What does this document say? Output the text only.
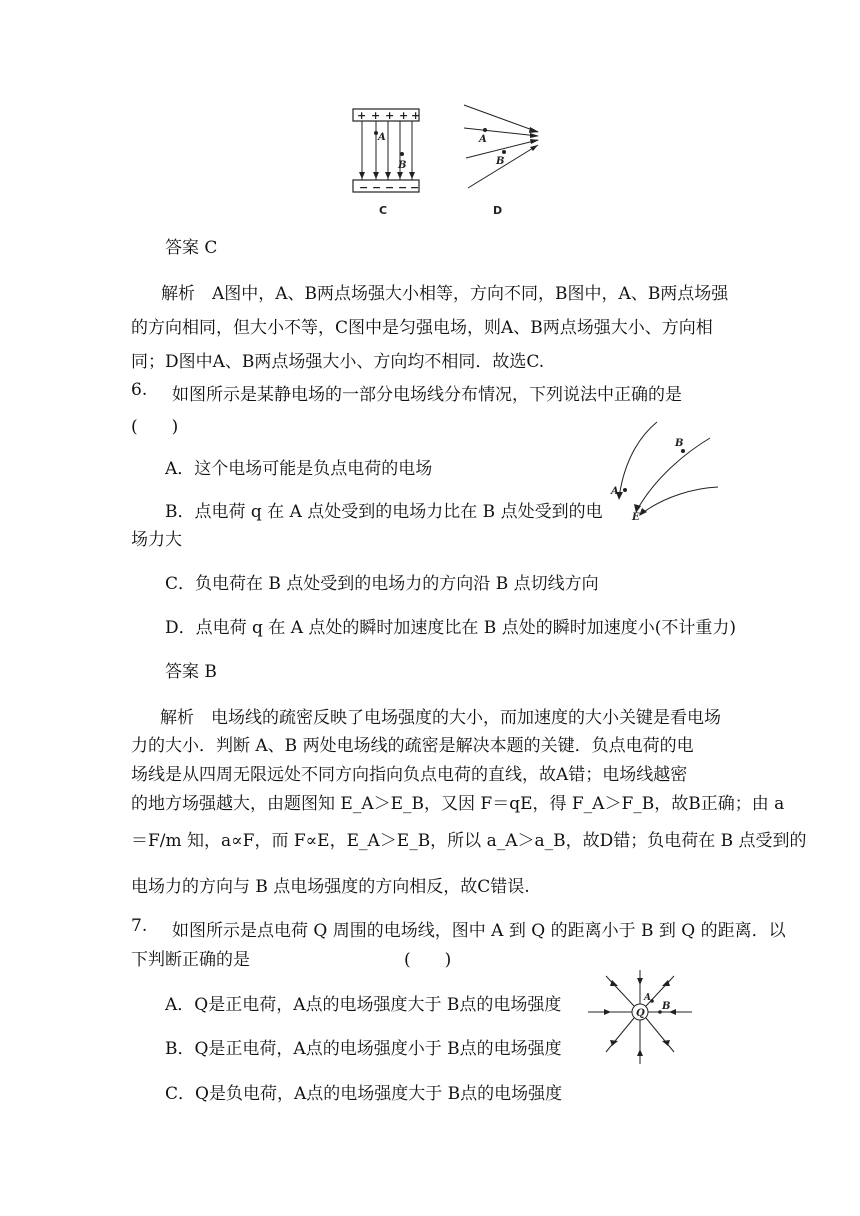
+ + + + +
− − − − −
A
B
C
A
B
D

答案 C

解析　 A图中，A、B两点场强大小相等，方向不同，B图中，A、B两点场强的方向相同，但大小不等，C图中是匀强电场，则A、B两点场强大小、方向相同；D图中A、B两点场强大小、方向均不相同．故选C.

6. 如图所示是某静电场的一部分电场线分布情况，下列说法中正确的是

(　　)

A
B
E

A．这个电场可能是负点电荷的电场

B．点电荷 q 在 A 点处受到的电场力比在 B 点处受到的电

场力大

C．负电荷在 B 点处受到的电场力的方向沿 B 点切线方向

D．点电荷 q 在 A 点处的瞬时加速度比在 B 点处的瞬时加速度小(不计重力)

答案 B

解析　 电场线的疏密反映了电场强度的大小，而加速度的大小关键是看电场

力的大小．判断 A、B 两处电场线的疏密是解决本题的关键．负点电荷的电

场线是从四周无限远处不同方向指向负点电荷的直线，故A错；电场线越密

的地方场强越大，由题图知 E_A＞E_B，又因 F＝qE，得 F_A＞F_B，故B正确；由 a

＝F/m 知，a∝F，而 F∝E，E_A＞E_B，所以 a_A＞a_B，故D错；负电荷在 B 点受到的

电场力的方向与 B 点电场强度的方向相反，故C错误.

7. 如图所示是点电荷 Q 周围的电场线，图中 A 到 Q 的距离小于 B 到 Q 的距离．以

下判断正确的是	(　　)

Q
A
B

A．Q是正电荷，A点的电场强度大于 B点的电场强度

B．Q是正电荷，A点的电场强度小于 B点的电场强度

C．Q是负电荷，A点的电场强度大于 B点的电场强度
